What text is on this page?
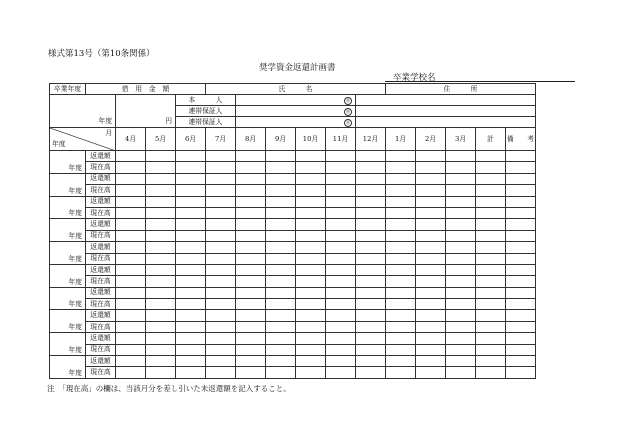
様式第13号（第10条関係）
奨学資金返還計画書
卒業学校名
卒業年度	借　用　金　額				氏　　　名						住　　　所				
年度		円		本　　　人		㊞									
				連帯保証人		㊞									
				連帯保証人		㊞									

月
年度		4月	5月	6月	7月	8月	9月	10月	11月	12月	1月	2月	3月	計	備　　考
年度	返還額														
	現在高														
年度	返還額														
	現在高														
年度	返還額														
	現在高														
年度	返還額														
	現在高														
年度	返還額														
	現在高														
年度	返還額														
	現在高														
年度	返還額														
	現在高														
年度	返還額														
	現在高														
年度	返還額														
	現在高														
年度	返還額														
	現在高														
注　「現在高」の欄は、当該月分を差し引いた未返還額を記入すること。
